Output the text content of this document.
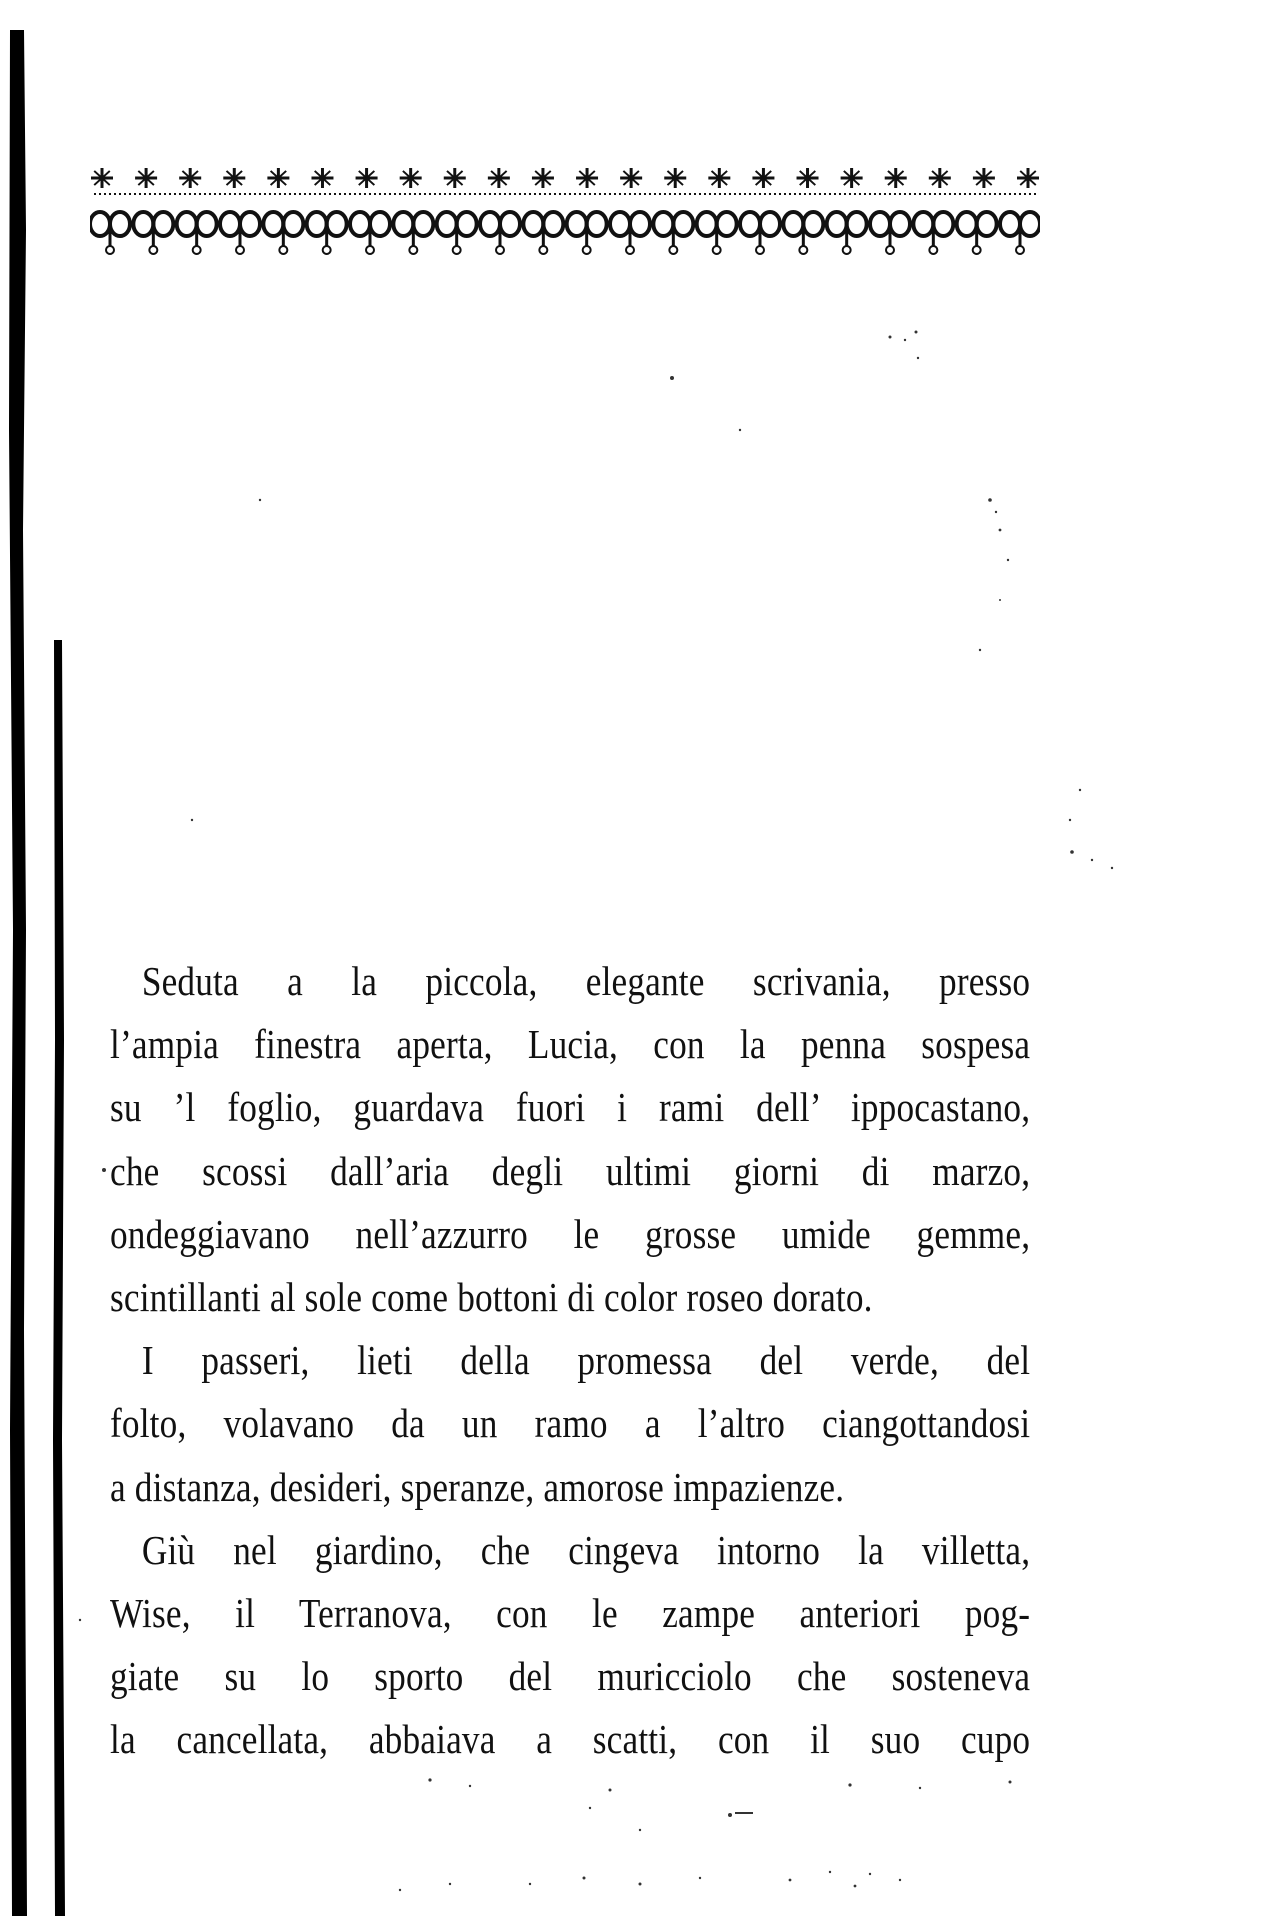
Seduta a la piccola, elegante scrivania, presso
l’ampia finestra aperta, Lucia, con la penna sospesa
su ’l foglio, guardava fuori i rami dell’ ippocastano,
che scossi dall’aria degli ultimi giorni di marzo,
ondeggiavano nell’azzurro le grosse umide gemme,
scintillanti al sole come bottoni di color roseo dorato.
I passeri, lieti della promessa del verde, del
folto, volavano da un ramo a l’altro ciangottandosi
a distanza, desideri, speranze, amorose impazienze.
Giù nel giardino, che cingeva intorno la villetta,
Wise, il Terranova, con le zampe anteriori pog-
giate su lo sporto del muricciolo che sosteneva
la cancellata, abbaiava a scatti, con il suo cupo
